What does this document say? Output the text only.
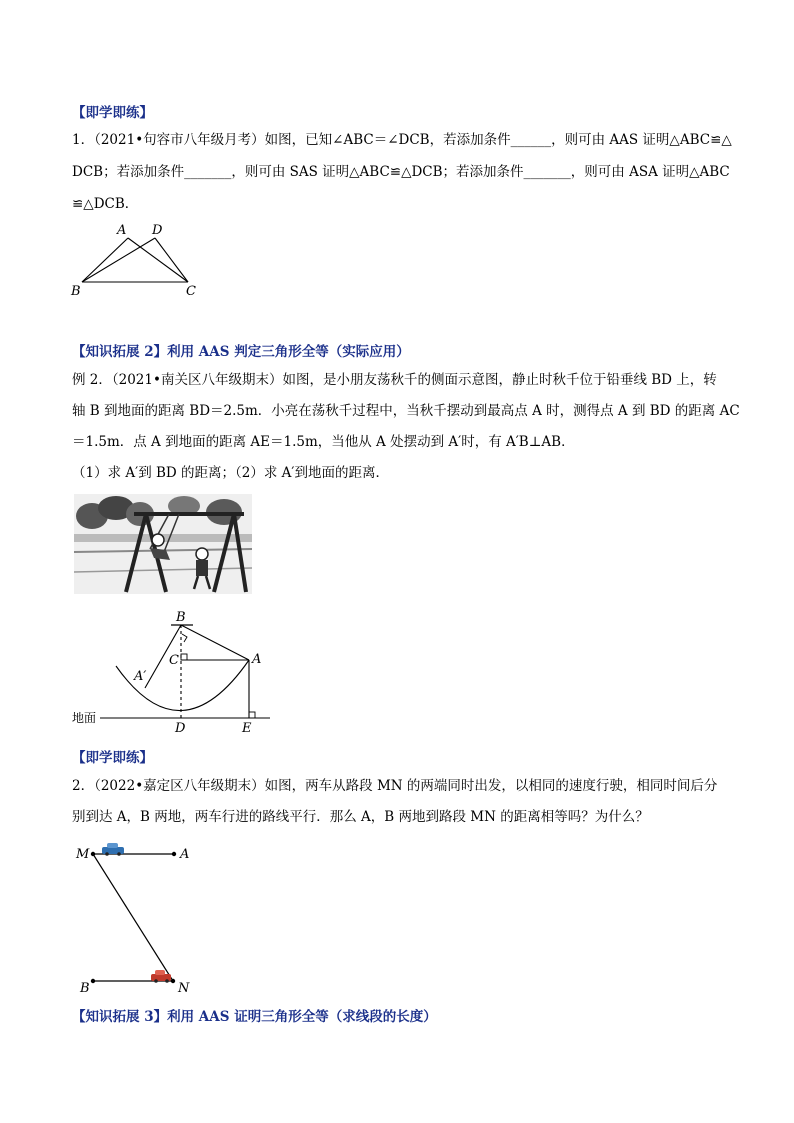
【即学即练】
1．（2021•句容市八年级月考）如图，已知∠ABC＝∠DCB，若添加条件______，则可由 AAS 证明△ABC≌△
DCB；若添加条件_______，则可由 SAS 证明△ABC≌△DCB；若添加条件_______，则可由 ASA 证明△ABC
≌△DCB．
A D
B	C
【知识拓展 2】利用 AAS 判定三角形全等（实际应用）
例 2．（2021•南关区八年级期末）如图，是小朋友荡秋千的侧面示意图，静止时秋千位于铅垂线 BD 上，转
轴 B 到地面的距离 BD＝2.5m．小亮在荡秋千过程中，当秋千摆动到最高点 A 时，测得点 A 到 BD 的距离 AC
＝1.5m．点 A 到地面的距离 AE＝1.5m，当他从 A 处摆动到 A′时，有 A′B⊥AB．
（1）求 A′到 BD 的距离；（2）求 A′到地面的距离．
B
C	A
A′
D	E
地面
【即学即练】
2．（2022•嘉定区八年级期末）如图，两车从路段 MN 的两端同时出发，以相同的速度行驶，相同时间后分
别到达 A，B 两地，两车行进的路线平行．那么 A，B 两地到路段 MN 的距离相等吗？为什么？
M	A
B	N
【知识拓展 3】利用 AAS 证明三角形全等（求线段的长度）
